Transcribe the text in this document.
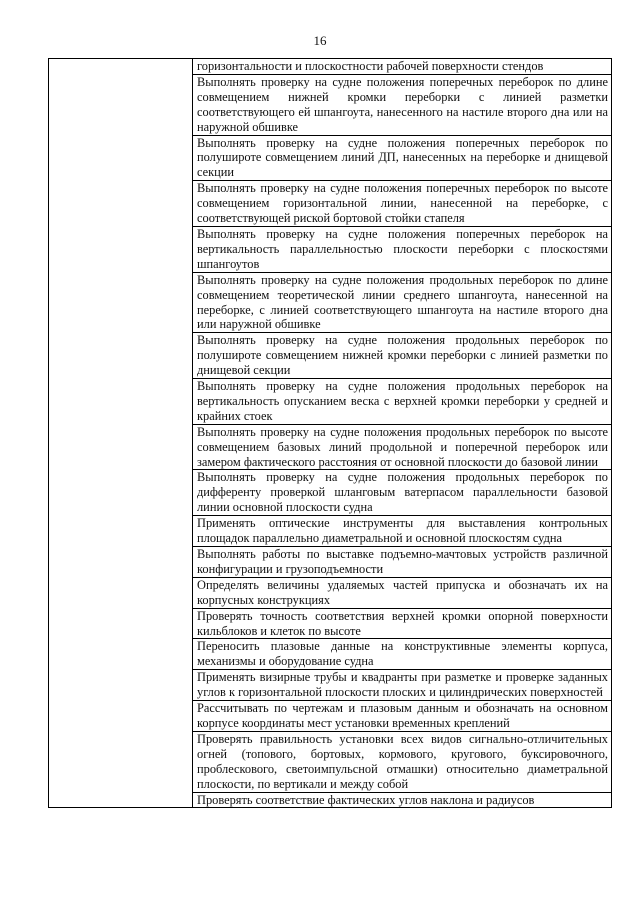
16
	горизонтальности и плоскостности рабочей поверхности стендов
Выполнять проверку на судне положения поперечных переборок по длине совмещением нижней кромки переборки с линией разметки соответствующего ей шпангоута, нанесенного на настиле второго дна или на наружной обшивке
Выполнять проверку на судне положения поперечных переборок по полушироте совмещением линий ДП, нанесенных на переборке и днищевой секции
Выполнять проверку на судне положения поперечных переборок по высоте совмещением горизонтальной линии, нанесенной на переборке, с соответствующей риской бортовой стойки стапеля
Выполнять проверку на судне положения поперечных переборок на вертикальность параллельностью плоскости переборки с плоскостями шпангоутов
Выполнять проверку на судне положения продольных переборок по длине совмещением теоретической линии среднего шпангоута, нанесенной на переборке, с линией соответствующего шпангоута на настиле второго дна или наружной обшивке
Выполнять проверку на судне положения продольных переборок по полушироте совмещением нижней кромки переборки с линией разметки по днищевой секции
Выполнять проверку на судне положения продольных переборок на вертикальность опусканием веска с верхней кромки переборки у средней и крайних стоек
Выполнять проверку на судне положения продольных переборок по высоте совмещением базовых линий продольной и поперечной переборок или замером фактического расстояния от основной плоскости до базовой линии
Выполнять проверку на судне положения продольных переборок по дифференту проверкой шланговым ватерпасом параллельности базовой линии основной плоскости судна
Применять оптические инструменты для выставления контрольных площадок параллельно диаметральной и основной плоскостям судна
Выполнять работы по выставке подъемно-мачтовых устройств различной конфигурации и грузоподъемности
Определять величины удаляемых частей припуска и обозначать их на корпусных конструкциях
Проверять точность соответствия верхней кромки опорной поверхности кильблоков и клеток по высоте
Переносить плазовые данные на конструктивные элементы корпуса, механизмы и оборудование судна
Применять визирные трубы и квадранты при разметке и проверке заданных углов к горизонтальной плоскости плоских и цилиндрических поверхностей
Рассчитывать по чертежам и плазовым данным и обозначать на основном корпусе координаты мест установки временных креплений
Проверять правильность установки всех видов сигнально-отличительных огней (топового, бортовых, кормового, кругового, буксировочного, проблескового, светоимпульсной отмашки) относительно диаметральной плоскости, по вертикали и между собой
Проверять соответствие фактических углов наклона и радиусов
